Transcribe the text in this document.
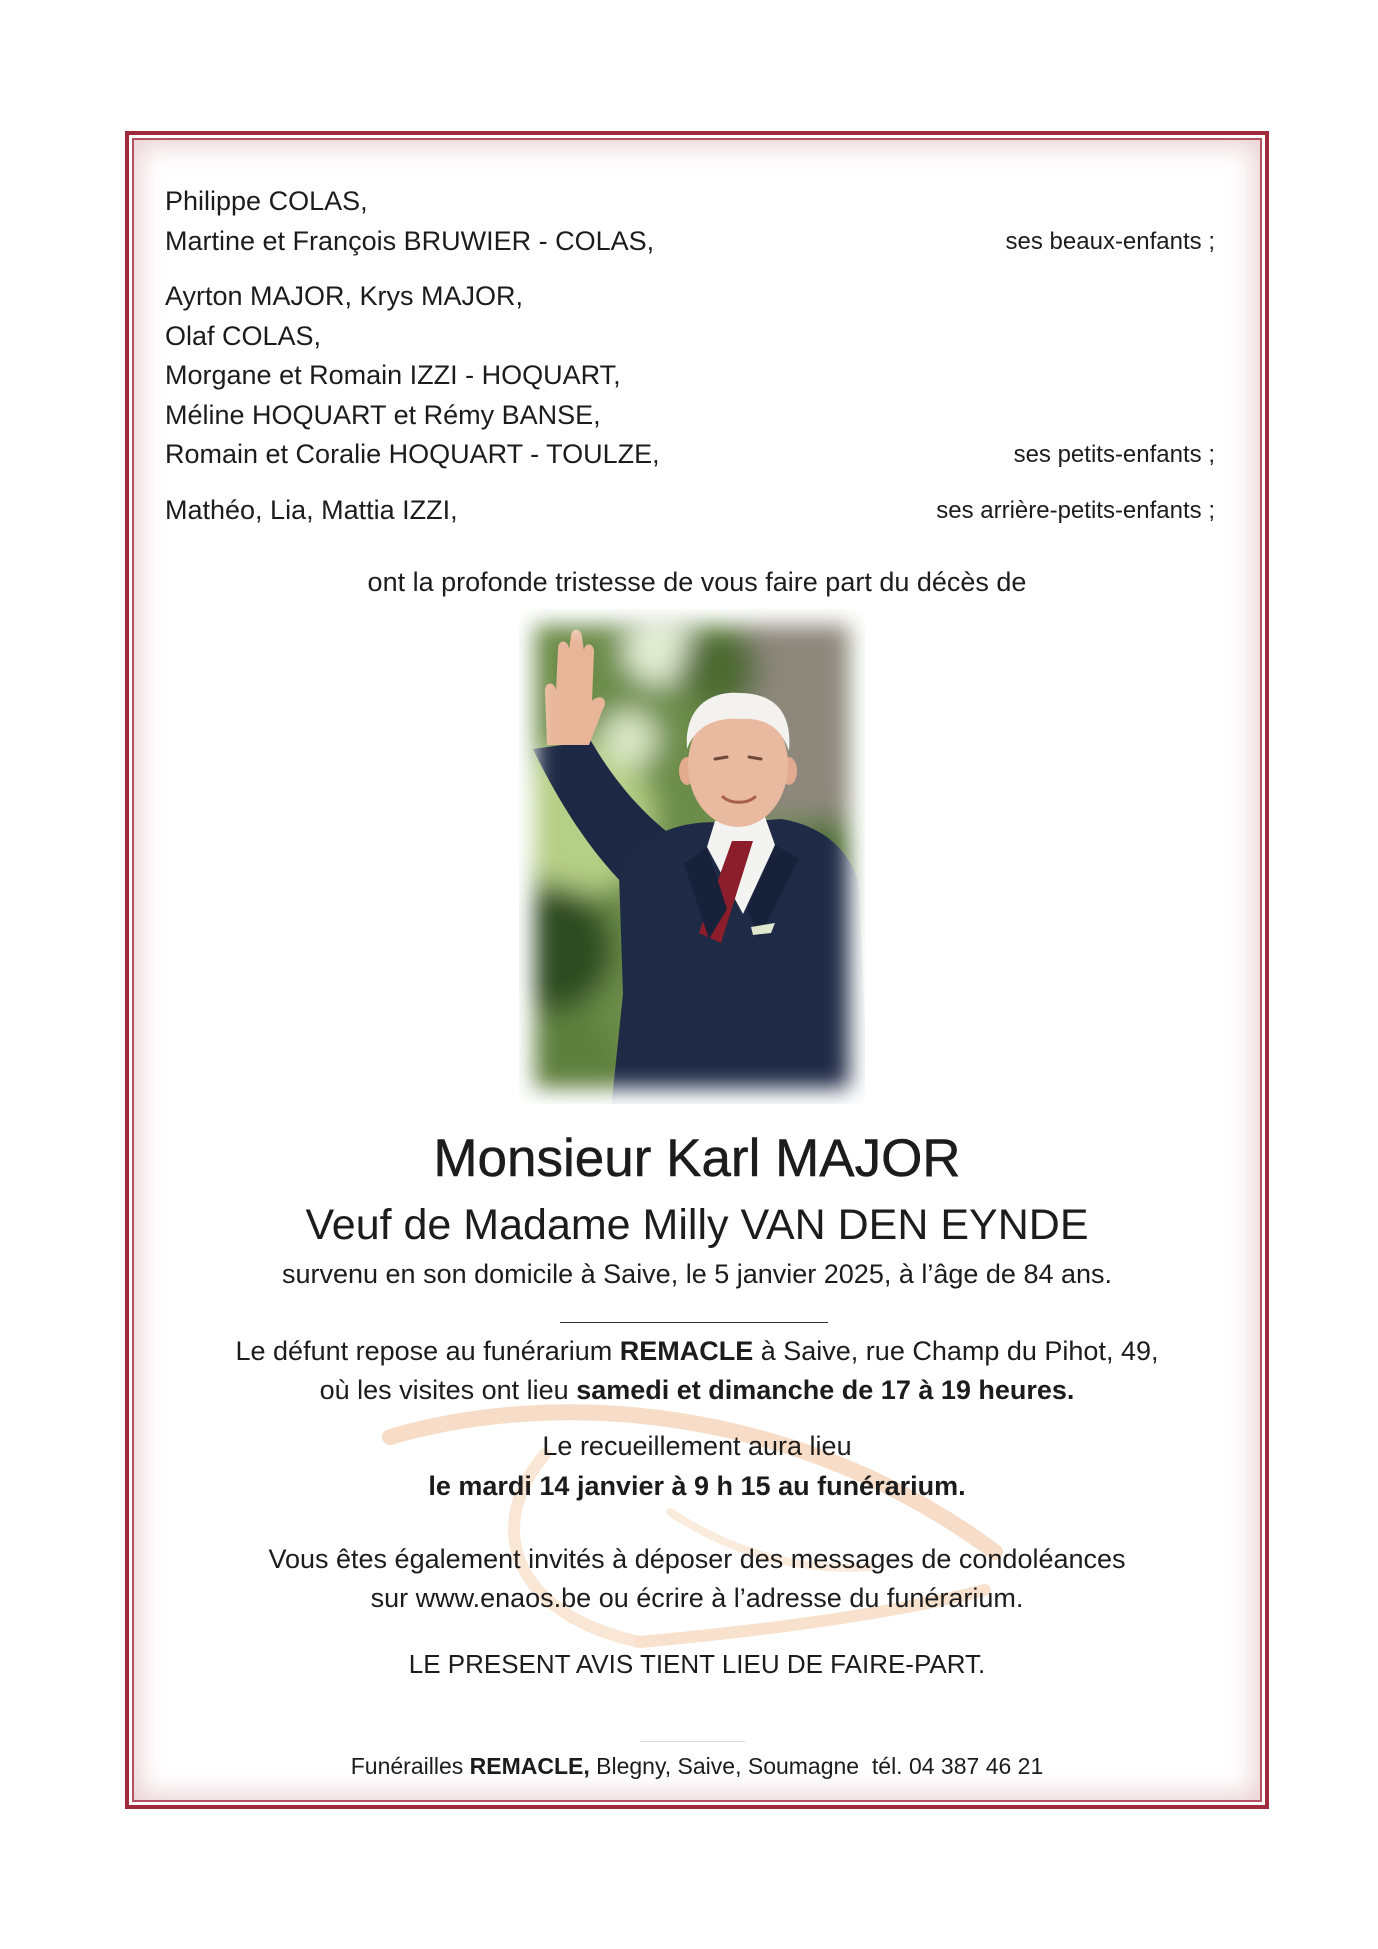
Philippe COLAS,
Martine et François BRUWIER - COLAS,	ses beaux-enfants ;
Ayrton MAJOR, Krys MAJOR,
Olaf COLAS,
Morgane et Romain IZZI - HOQUART,
Méline HOQUART et Rémy BANSE,
Romain et Coralie HOQUART - TOULZE,	ses petits-enfants ;
Mathéo, Lia, Mattia IZZI,	ses arrière-petits-enfants ;
ont la profonde tristesse de vous faire part du décès de
Monsieur Karl MAJOR
Veuf de Madame Milly VAN DEN EYNDE
survenu en son domicile à Saive, le 5 janvier 2025, à l’âge de 84 ans.
Le défunt repose au funérarium REMACLE à Saive, rue Champ du Pihot, 49,
où les visites ont lieu samedi et dimanche de 17 à 19 heures.
Le recueillement aura lieu
le mardi 14 janvier à 9 h 15 au funérarium.
Vous êtes également invités à déposer des messages de condoléances
sur www.enaos.be ou écrire à l’adresse du funérarium.
LE PRESENT AVIS TIENT LIEU DE FAIRE-PART.
Funérailles REMACLE, Blegny, Saive, Soumagne  tél. 04 387 46 21
